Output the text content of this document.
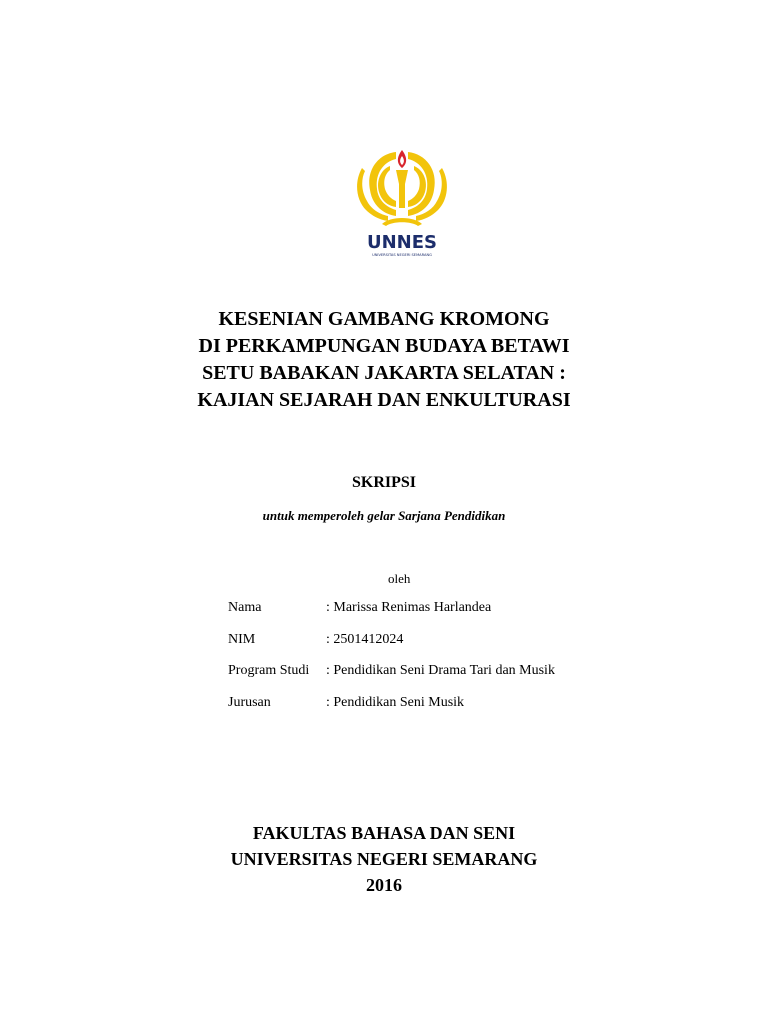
UNNES
UNIVERSITAS NEGERI SEMARANG
KESENIAN GAMBANG KROMONG
DI PERKAMPUNGAN BUDAYA BETAWI
SETU BABAKAN JAKARTA SELATAN :
KAJIAN SEJARAH DAN ENKULTURASI
SKRIPSI
untuk memperoleh gelar Sarjana Pendidikan
oleh
Nama	: Marissa Renimas Harlandea
NIM	: 2501412024
Program Studi	: Pendidikan Seni Drama Tari dan Musik
Jurusan	: Pendidikan Seni Musik
FAKULTAS BAHASA DAN SENI
UNIVERSITAS NEGERI SEMARANG
2016
